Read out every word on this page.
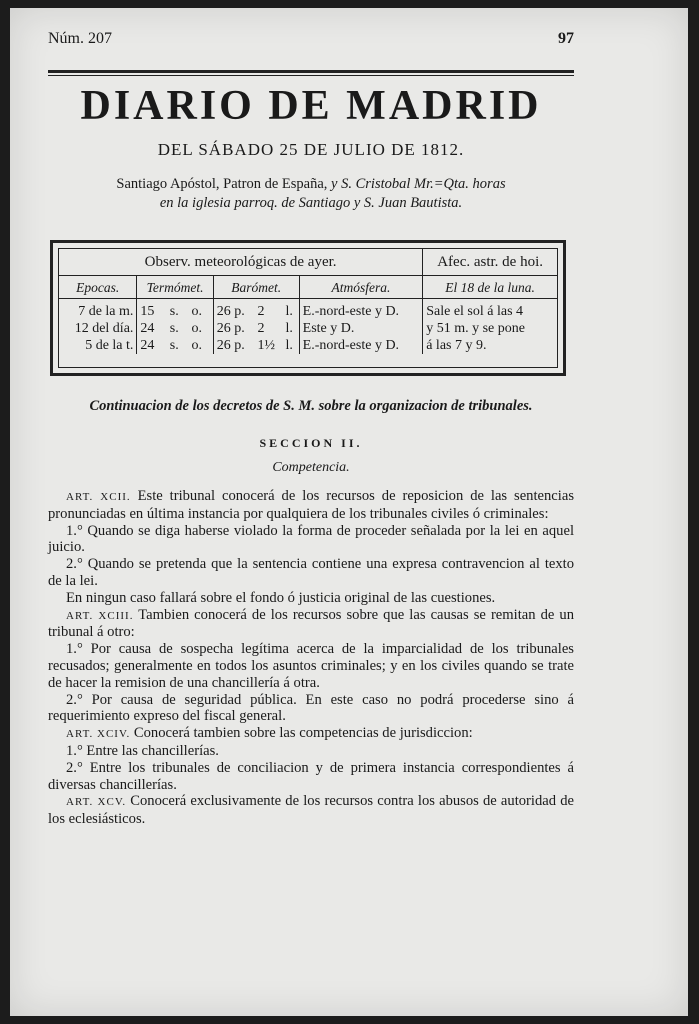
Núm. 207	97
DIARIO DE MADRID
DEL SÁBADO 25 DE JULIO DE 1812.
Santiago Apóstol, Patron de España, y S. Cristobal Mr.=Qta. horas
en la iglesia parroq. de Santiago y S. Juan Bautista.
Observ. meteorológicas de ayer.								Afec. astr. de hoi.
Epocas.	Termómet.			Barómet.			Atmósfera.	El 18 de la luna.
7 de la m.	15	s.	o.	26 p.	2	l.	E.-nord-este y D.	Sale el sol á las 4
12 del día.	24	s.	o.	26 p.	2	l.	Este y D.	y 51 m. y se pone
5 de la t.	24	s.	o.	26 p.	1½	l.	E.-nord-este y D.	á las 7 y 9.
Continuacion de los decretos de S. M. sobre la organizacion de tribunales.
SECCION II.
Competencia.

ART. XCII. Este tribunal conocerá de los recursos de reposicion de las sentencias pronunciadas en última instancia por qualquiera de los tribunales civiles ó criminales:

1.° Quando se diga haberse violado la forma de proceder señalada por la lei en aquel juicio.

2.° Quando se pretenda que la sentencia contiene una expresa contravencion al texto de la lei.

En ningun caso fallará sobre el fondo ó justicia original de las cuestiones.

ART. XCIII. Tambien conocerá de los recursos sobre que las causas se remitan de un tribunal á otro:

1.° Por causa de sospecha legítima acerca de la imparcialidad de los tribunales recusados; generalmente en todos los asuntos criminales; y en los civiles quando se trate de hacer la remision de una chancillería á otra.

2.° Por causa de seguridad pública. En este caso no podrá procederse sino á requerimiento expreso del fiscal general.

ART. XCIV. Conocerá tambien sobre las competencias de jurisdiccion:

1.° Entre las chancillerías.

2.° Entre los tribunales de conciliacion y de primera instancia correspondientes á diversas chancillerías.

ART. XCV. Conocerá exclusivamente de los recursos contra los abusos de autoridad de los eclesiásticos.
